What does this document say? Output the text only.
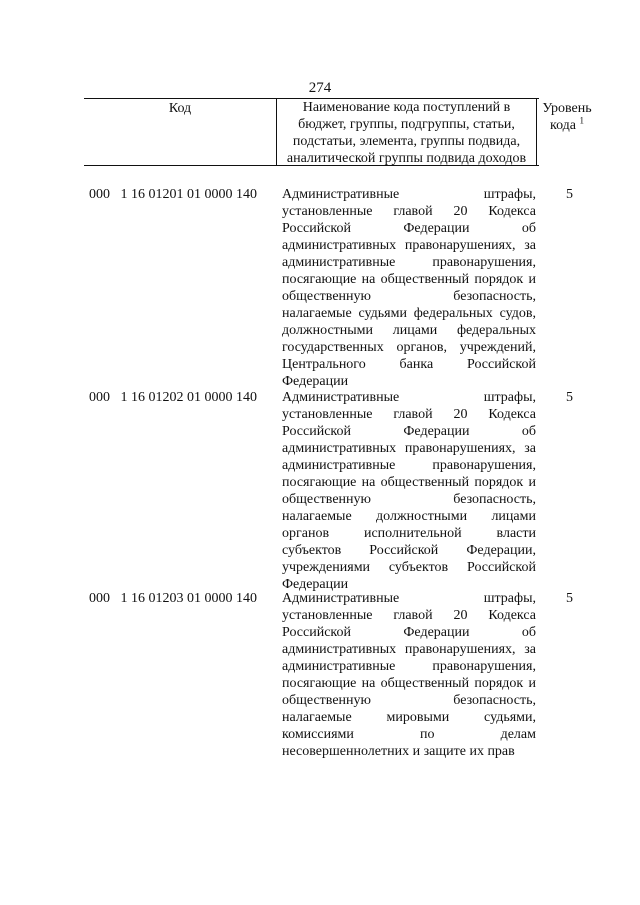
274
Код	Наименование кода поступлений в
бюджет, группы, подгруппы, статьи,
подстатьи, элемента, группы подвида,
аналитической группы подвида доходов
Уровень
кода $^1$
000   1 16 01201 01 0000 140 Административные	штрафы,
установленные главой 20 Кодекса
Российской	Федерации	об
административных правонарушениях, за
административные	правонарушения,
посягающие на общественный порядок и
общественную	безопасность,
налагаемые судьями федеральных судов,
должностными лицами федеральных
государственных органов, учреждений,
Центрального банка Российской
Федерации
5
000   1 16 01202 01 0000 140 Административные	штрафы,
установленные главой 20 Кодекса
Российской	Федерации	об
административных правонарушениях, за
административные	правонарушения,
посягающие на общественный порядок и
общественную	безопасность,
налагаемые должностными лицами
органов исполнительной власти
субъектов Российской Федерации,
учреждениями субъектов Российской
Федерации
5
000   1 16 01203 01 0000 140 Административные	штрафы,
установленные главой 20 Кодекса
Российской	Федерации	об
административных правонарушениях, за
административные	правонарушения,
посягающие на общественный порядок и
общественную	безопасность,
налагаемые мировыми судьями,
комиссиями	по	делам
несовершеннолетних и защите их прав
5
